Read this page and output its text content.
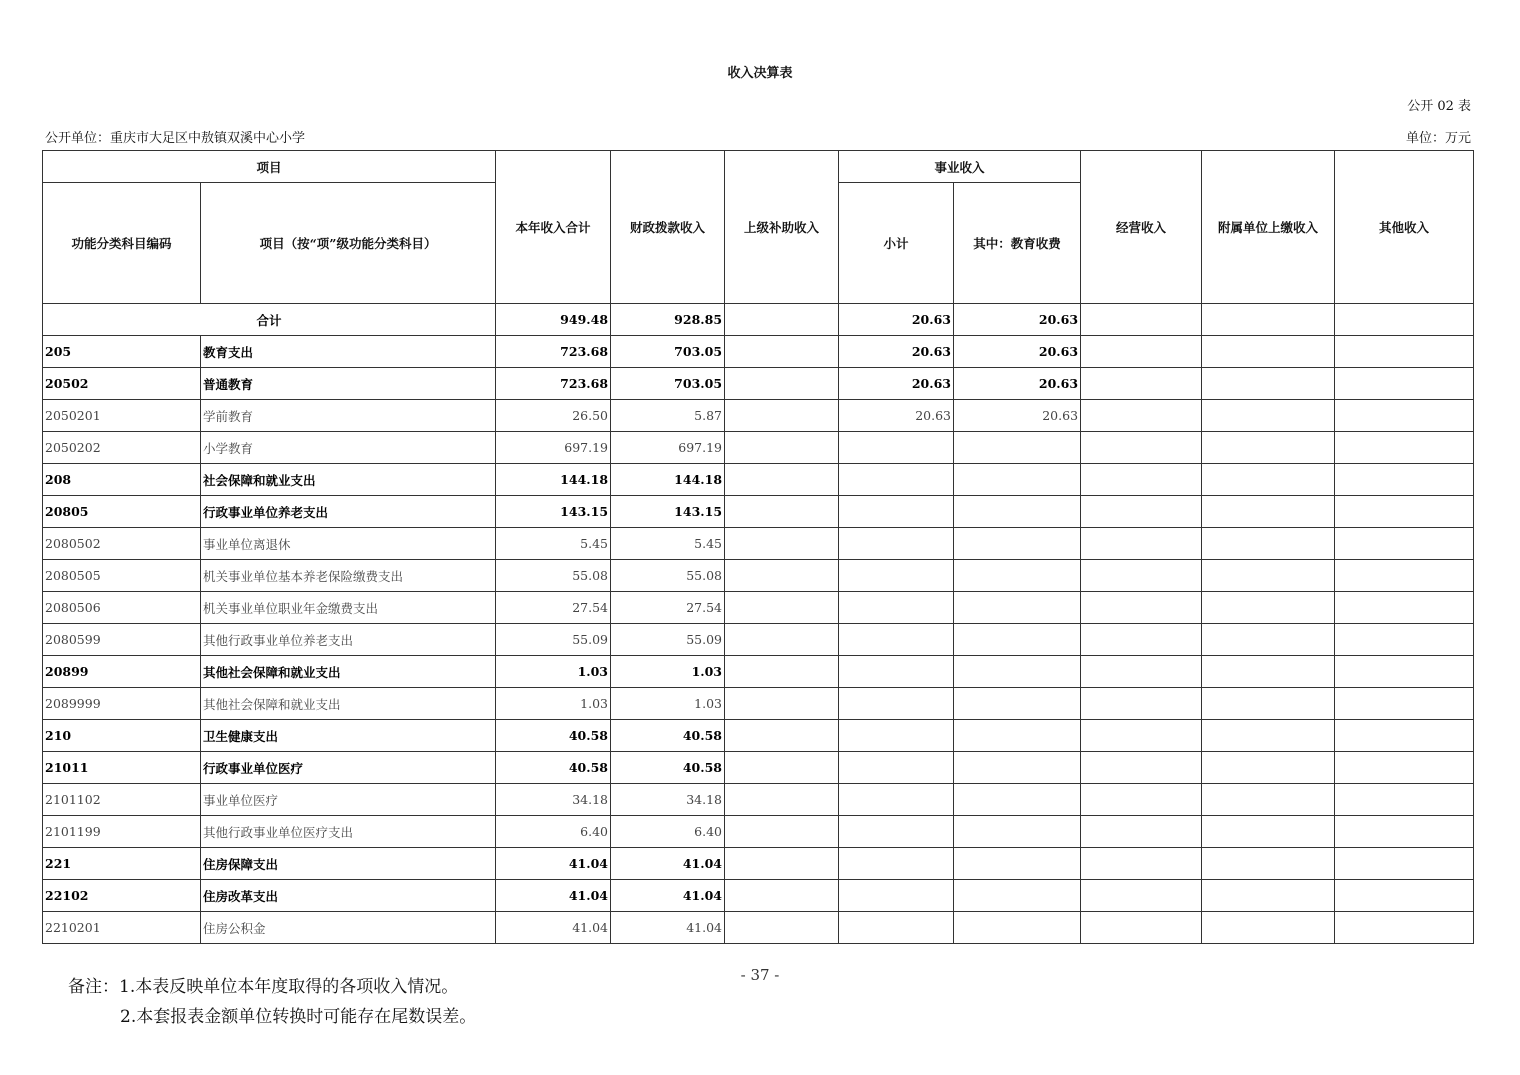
收入决算表
公开 02 表
公开单位：重庆市大足区中敖镇双溪中心小学	单位：万元
项目		本年收入合计	财政拨款收入	上级补助收入	事业收入		经营收入	附属单位上缴收入	其他收入
功能分类科目编码	项目（按“项”级功能分类科目）				小计	其中：教育收费			
合计		949.48	928.85		20.63	20.63			
205	教育支出	723.68	703.05		20.63	20.63			
20502	普通教育	723.68	703.05		20.63	20.63			
2050201	学前教育	26.50	5.87		20.63	20.63			
2050202	小学教育	697.19	697.19						
208	社会保障和就业支出	144.18	144.18						
20805	行政事业单位养老支出	143.15	143.15						
2080502	事业单位离退休	5.45	5.45						
2080505	机关事业单位基本养老保险缴费支出	55.08	55.08						
2080506	机关事业单位职业年金缴费支出	27.54	27.54						
2080599	其他行政事业单位养老支出	55.09	55.09						
20899	其他社会保障和就业支出	1.03	1.03						
2089999	其他社会保障和就业支出	1.03	1.03						
210	卫生健康支出	40.58	40.58						
21011	行政事业单位医疗	40.58	40.58						
2101102	事业单位医疗	34.18	34.18						
2101199	其他行政事业单位医疗支出	6.40	6.40						
221	住房保障支出	41.04	41.04						
22102	住房改革支出	41.04	41.04						
2210201	住房公积金	41.04	41.04						
- 37 -
备注：1.本表反映单位本年度取得的各项收入情况。
2.本套报表金额单位转换时可能存在尾数误差。
